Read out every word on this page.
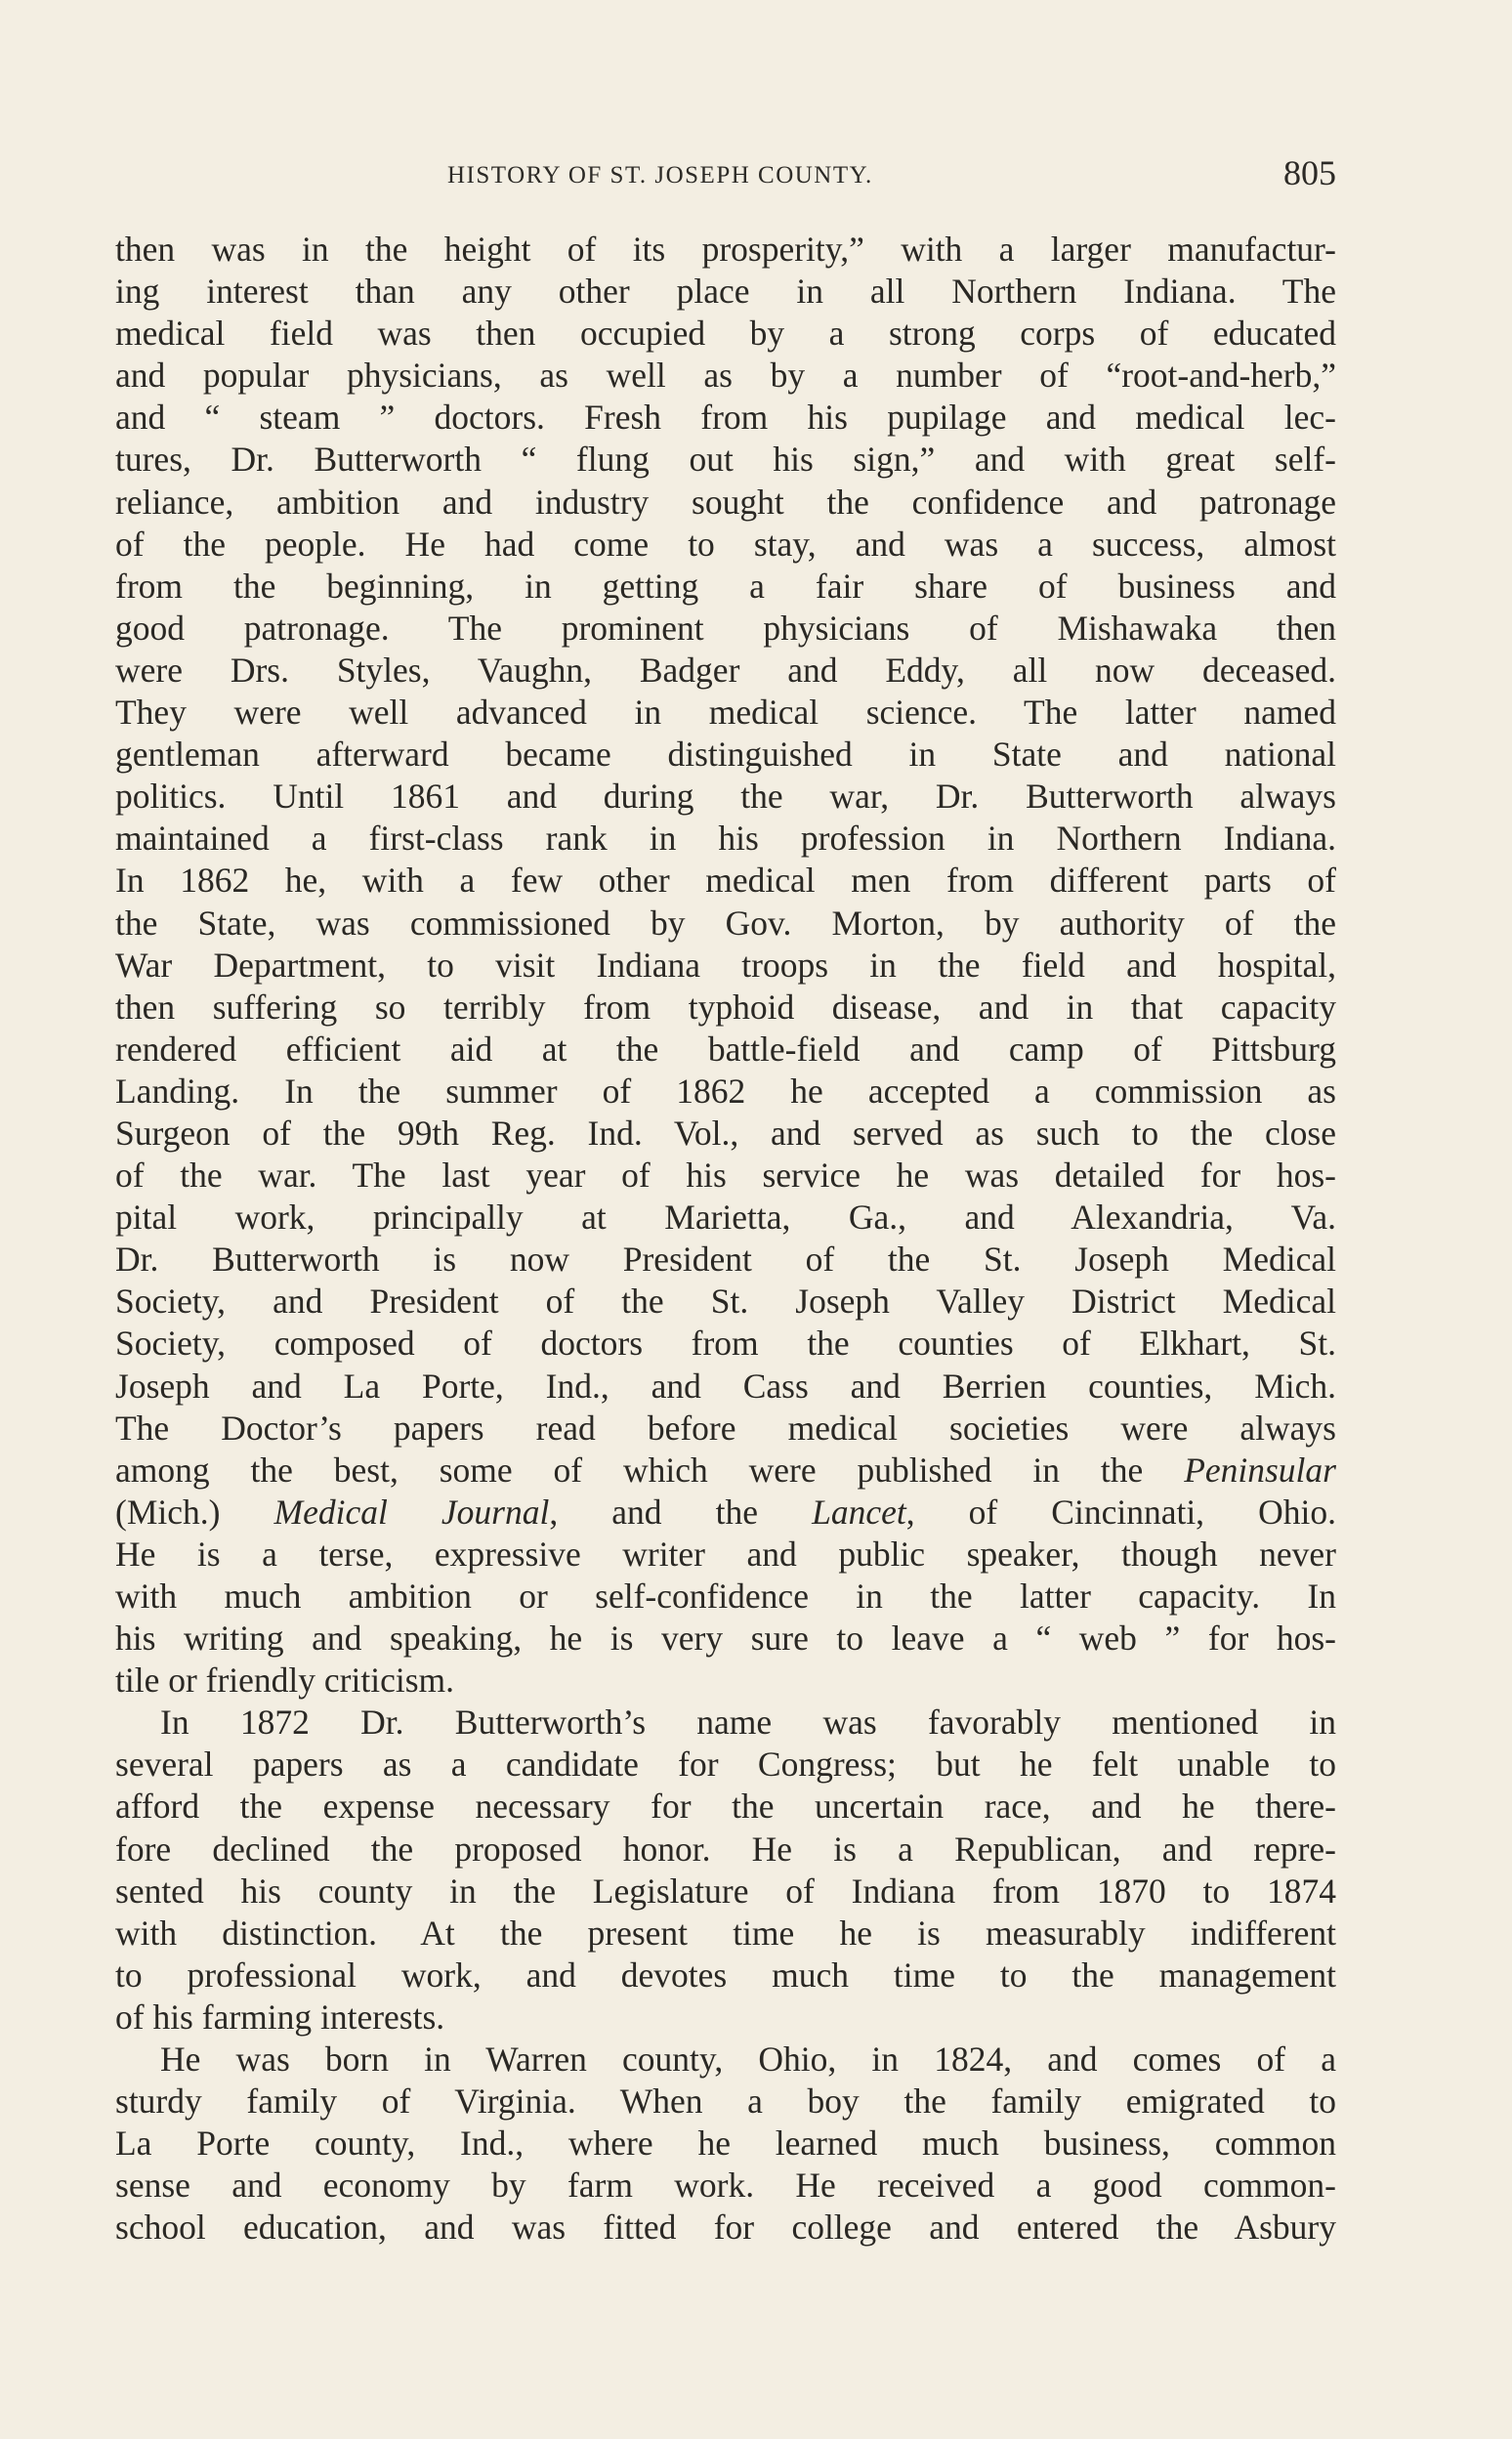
HISTORY OF ST. JOSEPH COUNTY.	805

then was in the height of its prosperity,” with a larger manufactur-
ing interest than any other place in all Northern Indiana. The
medical field was then occupied by a strong corps of educated
and popular physicians, as well as by a number of “root-and-herb,”
and “ steam ” doctors. Fresh from his pupilage and medical lec-
tures, Dr. Butterworth “ flung out his sign,” and with great self-
reliance, ambition and industry sought the confidence and patronage
of the people. He had come to stay, and was a success, almost
from the beginning, in getting a fair share of business and
good patronage. The prominent physicians of Mishawaka then
were Drs. Styles, Vaughn, Badger and Eddy, all now deceased.
They were well advanced in medical science. The latter named
gentleman afterward became distinguished in State and national
politics. Until 1861 and during the war, Dr. Butterworth always
maintained a first-class rank in his profession in Northern Indiana.
In 1862 he, with a few other medical men from different parts of
the State, was commissioned by Gov. Morton, by authority of the
War Department, to visit Indiana troops in the field and hospital,
then suffering so terribly from typhoid disease, and in that capacity
rendered efficient aid at the battle-field and camp of Pittsburg
Landing. In the summer of 1862 he accepted a commission as
Surgeon of the 99th Reg. Ind. Vol., and served as such to the close
of the war. The last year of his service he was detailed for hos-
pital work, principally at Marietta, Ga., and Alexandria, Va.
Dr. Butterworth is now President of the St. Joseph Medical
Society, and President of the St. Joseph Valley District Medical
Society, composed of doctors from the counties of Elkhart, St.
Joseph and La Porte, Ind., and Cass and Berrien counties, Mich.
The Doctor’s papers read before medical societies were always
among the best, some of which were published in the Peninsular
(Mich.) Medical Journal, and the Lancet, of Cincinnati, Ohio.
He is a terse, expressive writer and public speaker, though never
with much ambition or self-confidence in the latter capacity. In
his writing and speaking, he is very sure to leave a “ web ” for hos-
tile or friendly criticism.

In 1872 Dr. Butterworth’s name was favorably mentioned in
several papers as a candidate for Congress; but he felt unable to
afford the expense necessary for the uncertain race, and he there-
fore declined the proposed honor. He is a Republican, and repre-
sented his county in the Legislature of Indiana from 1870 to 1874
with distinction. At the present time he is measurably indifferent
to professional work, and devotes much time to the management
of his farming interests.

He was born in Warren county, Ohio, in 1824, and comes of a
sturdy family of Virginia. When a boy the family emigrated to
La Porte county, Ind., where he learned much business, common
sense and economy by farm work. He received a good common-
school education, and was fitted for college and entered the Asbury
